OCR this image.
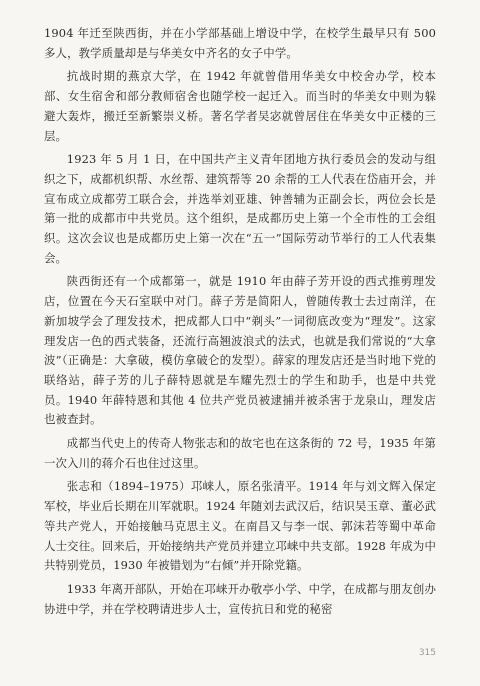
1904 年迁至陕西街，并在小学部基础上增设中学，在校学生最早只有 500 多人，教学质量却是与华美女中齐名的女子中学。

抗战时期的燕京大学，在 1942 年就曾借用华美女中校舍办学，校本部、女生宿舍和部分教师宿舍也随学校一起迁入。而当时的华美女中则为躲避大轰炸，搬迁至新繁崇义桥。著名学者吴宓就曾居住在华美女中正楼的三层。

1923 年 5 月 1 日，在中国共产主义青年团地方执行委员会的发动与组织之下，成都机织帮、水丝帮、建筑帮等 20 余帮的工人代表在岱庙开会，并宣布成立成都劳工联合会，并选举刘亚雄、钟善辅为正副会长，两位会长是第一批的成都市中共党员。这个组织，是成都历史上第一个全市性的工会组织。这次会议也是成都历史上第一次在“五一”国际劳动节举行的工人代表集会。

陕西街还有一个成都第一，就是 1910 年由薛子芳开设的西式推剪理发店，位置在今天石室联中对门。薛子芳是简阳人，曾随传教士去过南洋，在新加坡学会了理发技术，把成都人口中“剃头”一词彻底改变为“理发”。这家理发店一色的西式装备，还流行高翘波浪式的法式，也就是我们常说的“大拿波”（正确是：大拿破，模仿拿破仑的发型）。薛家的理发店还是当时地下党的联络站，薛子芳的儿子薛特恩就是车耀先烈士的学生和助手，也是中共党员。1940 年薛特恩和其他 4 位共产党员被逮捕并被杀害于龙泉山，理发店也被查封。

成都当代史上的传奇人物张志和的故宅也在这条街的 72 号，1935 年第一次入川的蒋介石也住过这里。

张志和（1894–1975）邛崃人，原名张清平。1914 年与刘文辉入保定军校，毕业后长期在川军就职。1924 年随刘去武汉后，结识吴玉章、董必武等共产党人，开始接触马克思主义。在南昌又与李一氓、郭沫若等蜀中革命人士交往。回来后，开始接纳共产党员并建立邛崃中共支部。1928 年成为中共特别党员，1930 年被错划为“右倾”并开除党籍。

1933 年离开部队，开始在邛崃开办敬亭小学、中学，在成都与朋友创办协进中学，并在学校聘请进步人士，宣传抗日和党的秘密

315
